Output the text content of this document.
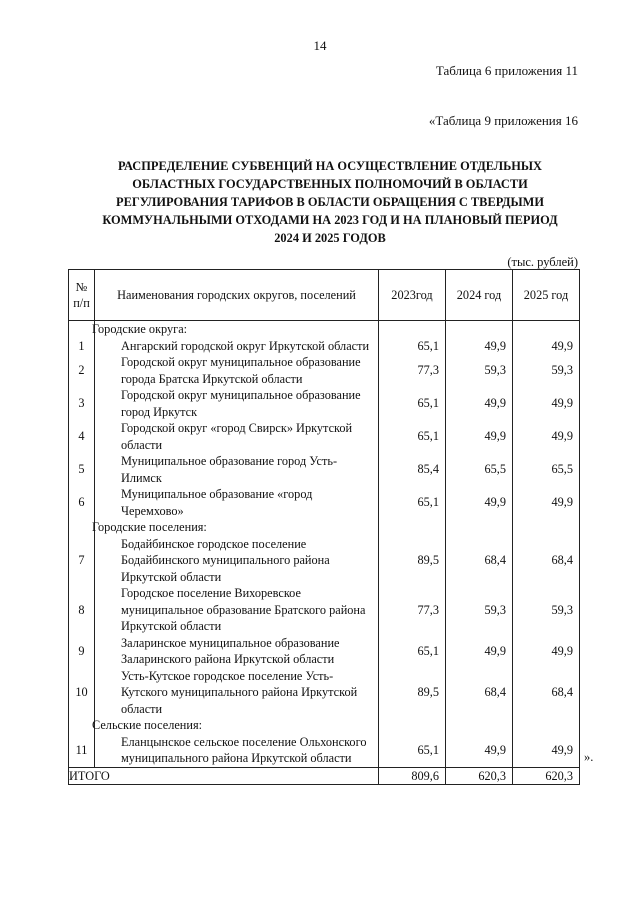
14
Таблица 6 приложения 11
«Таблица 9 приложения 16
РАСПРЕДЕЛЕНИЕ СУБВЕНЦИЙ НА ОСУЩЕСТВЛЕНИЕ ОТДЕЛЬНЫХ
ОБЛАСТНЫХ ГОСУДАРСТВЕННЫХ ПОЛНОМОЧИЙ В ОБЛАСТИ
РЕГУЛИРОВАНИЯ ТАРИФОВ В ОБЛАСТИ ОБРАЩЕНИЯ С ТВЕРДЫМИ
КОММУНАЛЬНЫМИ ОТХОДАМИ НА 2023 ГОД И НА ПЛАНОВЫЙ ПЕРИОД
2024 И 2025 ГОДОВ
(тыс. рублей)
№ п/п	Наименования городских округов, поселений	2023год	2024 год	2025 год
	Городские округа:			
1	Ангарский городской округ Иркутской области	65,1	49,9	49,9
2	Городской округ муниципальное образование города Братска Иркутской области	77,3	59,3	59,3
3	Городской округ муниципальное образование город Иркутск	65,1	49,9	49,9
4	Городской округ «город Свирск» Иркутской области	65,1	49,9	49,9
5	Муниципальное образование город Усть-Илимск	85,4	65,5	65,5
6	Муниципальное образование «город Черемхово»	65,1	49,9	49,9
	Городские поселения:			
7	Бодайбинское городское поселение Бодайбинского муниципального района Иркутской области	89,5	68,4	68,4
8	Городское поселение Вихоревское муниципальное образование Братского района Иркутской области	77,3	59,3	59,3
9	Заларинское муниципальное образование Заларинского района Иркутской области	65,1	49,9	49,9
10	Усть-Кутское городское поселение Усть-Кутского муниципального района Иркутской области	89,5	68,4	68,4
	Сельские поселения:			
11	Еланцынское сельское поселение Ольхонского муниципального района Иркутской области	65,1	49,9	49,9
ИТОГО	809,6	620,3	620,3
».
